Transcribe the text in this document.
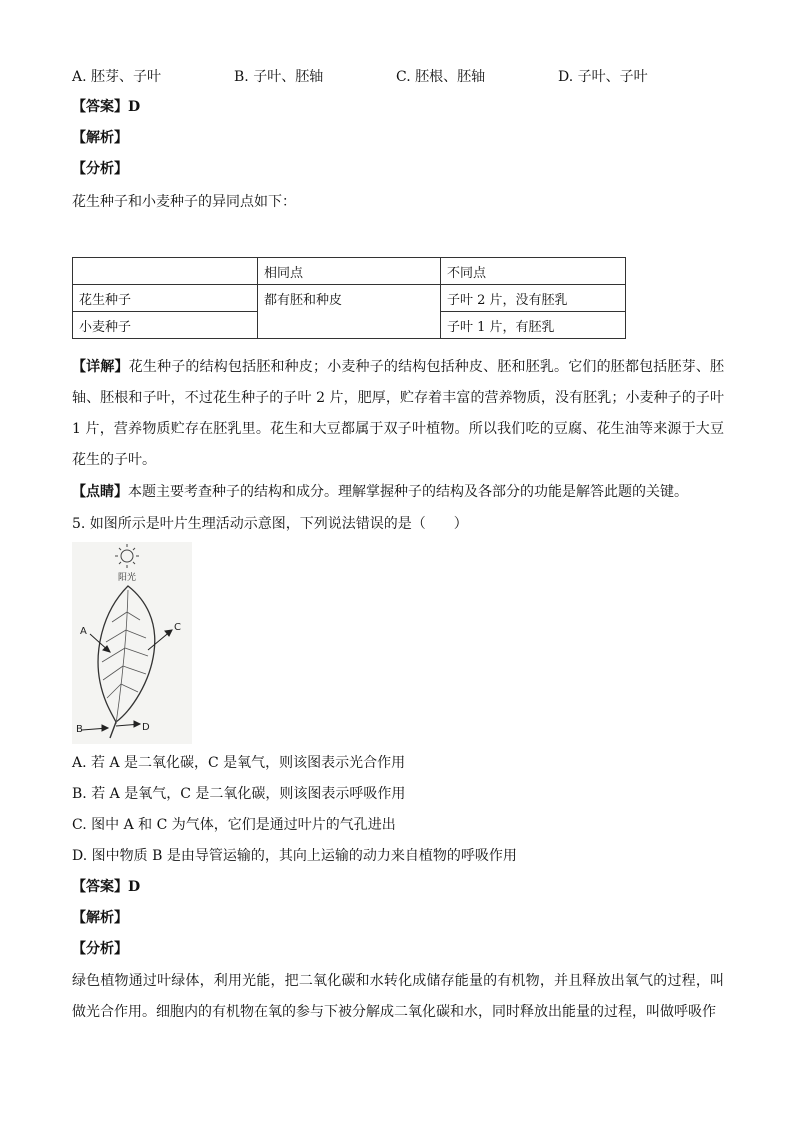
A. 胚芽、子叶	B. 子叶、胚轴	C. 胚根、胚轴	D. 子叶、子叶
【答案】D
【解析】
【分析】
花生种子和小麦种子的异同点如下：
	相同点	不同点
花生种子	都有胚和种皮	子叶 2 片，没有胚乳
小麦种子		子叶 1 片，有胚乳
【详解】花生种子的结构包括胚和种皮；小麦种子的结构包括种皮、胚和胚乳。它们的胚都包括胚芽、胚轴、胚根和子叶，不过花生种子的子叶 2 片，肥厚，贮存着丰富的营养物质，没有胚乳；小麦种子的子叶 1 片，营养物质贮存在胚乳里。花生和大豆都属于双子叶植物。所以我们吃的豆腐、花生油等来源于大豆花生的子叶。
【点睛】本题主要考查种子的结构和成分。理解掌握种子的结构及各部分的功能是解答此题的关键。
5. 如图所示是叶片生理活动示意图，下列说法错误的是（　　）
阳光
A
B
C
D
A. 若 A 是二氧化碳，C 是氧气，则该图表示光合作用
B. 若 A 是氧气，C 是二氧化碳，则该图表示呼吸作用
C. 图中 A 和 C 为气体，它们是通过叶片的气孔进出
D. 图中物质 B 是由导管运输的，其向上运输的动力来自植物的呼吸作用
【答案】D
【解析】
【分析】
绿色植物通过叶绿体，利用光能，把二氧化碳和水转化成储存能量的有机物，并且释放出氧气的过程，叫做光合作用。细胞内的有机物在氧的参与下被分解成二氧化碳和水，同时释放出能量的过程，叫做呼吸作
